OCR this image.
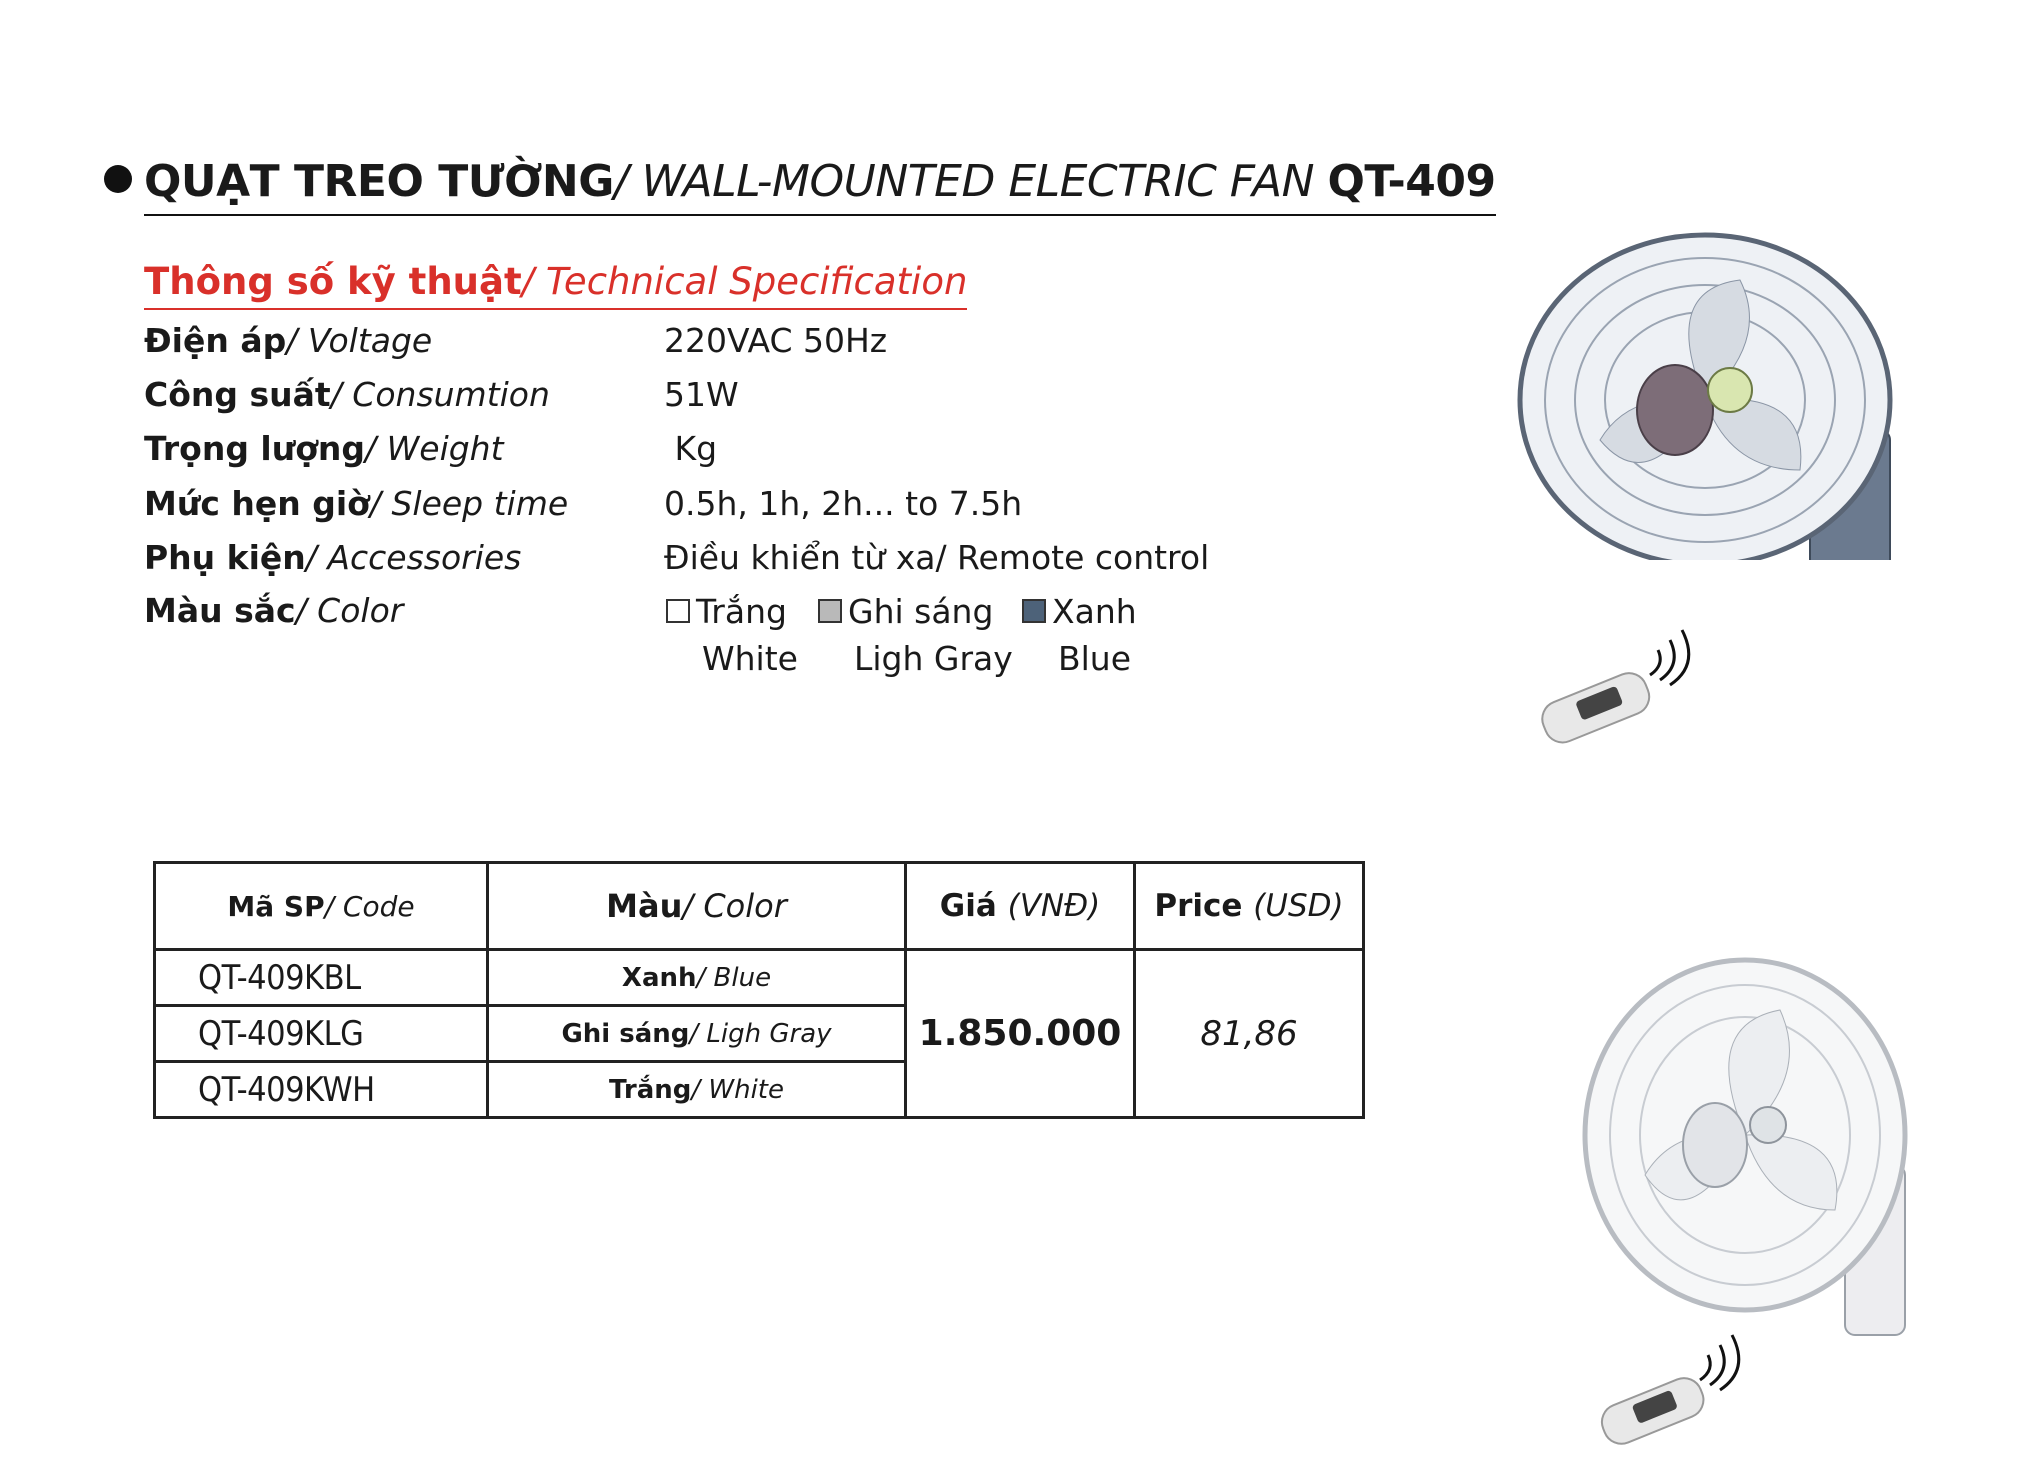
QUẠT TREO TƯỜNG/ WALL-MOUNTED ELECTRIC FAN QT-409
Thông số kỹ thuật/ Technical Specification
Điện áp/ Voltage	220VAC 50Hz
Công suất/ Consumtion	51W
Trọng lượng/ Weight	Kg
Mức hẹn giờ/ Sleep time	0.5h, 1h, 2h... to 7.5h
Phụ kiện/ Accessories	Điều khiển từ xa/ Remote control
Màu sắc/ Color	Trắng	Ghi sáng	Xanh
White Ligh Gray Blue
Mã SP/ Code	Màu/ Color	Giá (VNĐ)	Price (USD)
QT-409KBL	Xanh/ Blue	1.850.000	81,86
QT-409KLG	Ghi sáng/ Ligh Gray		
QT-409KWH	Trắng/ White		
